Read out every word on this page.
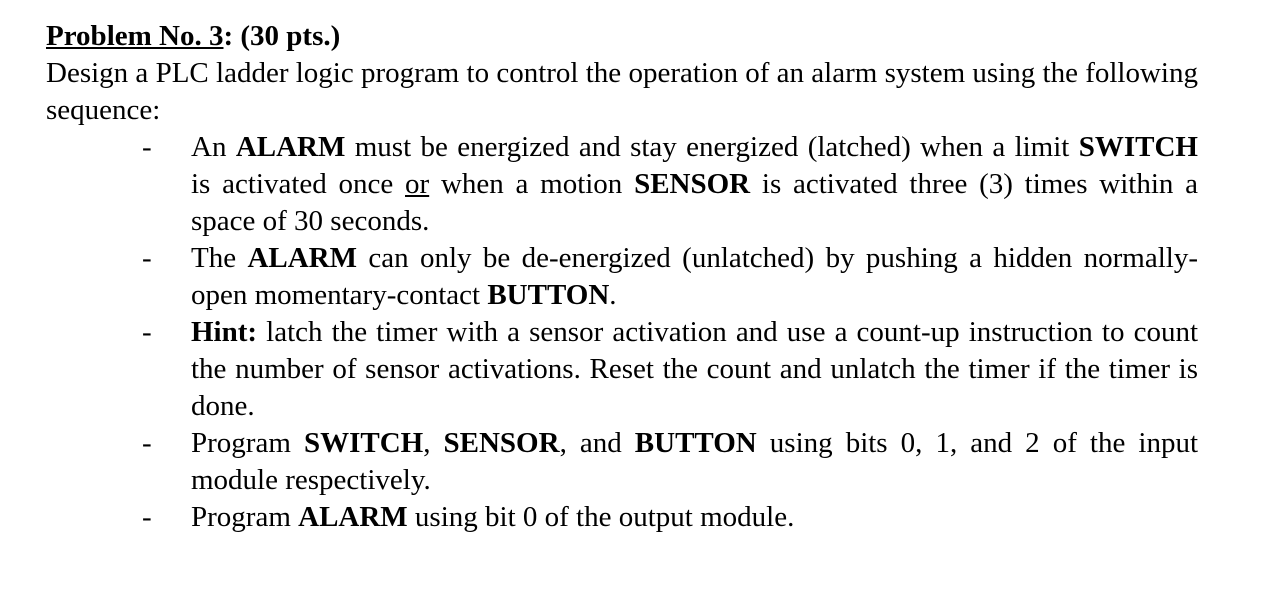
Problem No. 3: (30 pts.)

Design a PLC ladder logic program to control the operation of an alarm system using the following sequence:

- An ALARM must be energized and stay energized (latched) when a limit SWITCH is activated once or when a motion SENSOR is activated three (3) times within a space of 30 seconds.
- The ALARM can only be de-energized (unlatched) by pushing a hidden normally-open momentary-contact BUTTON.
- Hint: latch the timer with a sensor activation and use a count-up instruction to count the number of sensor activations. Reset the count and unlatch the timer if the timer is done.
- Program SWITCH, SENSOR, and BUTTON using bits 0, 1, and 2 of the input module respectively.
- Program ALARM using bit 0 of the output module.
